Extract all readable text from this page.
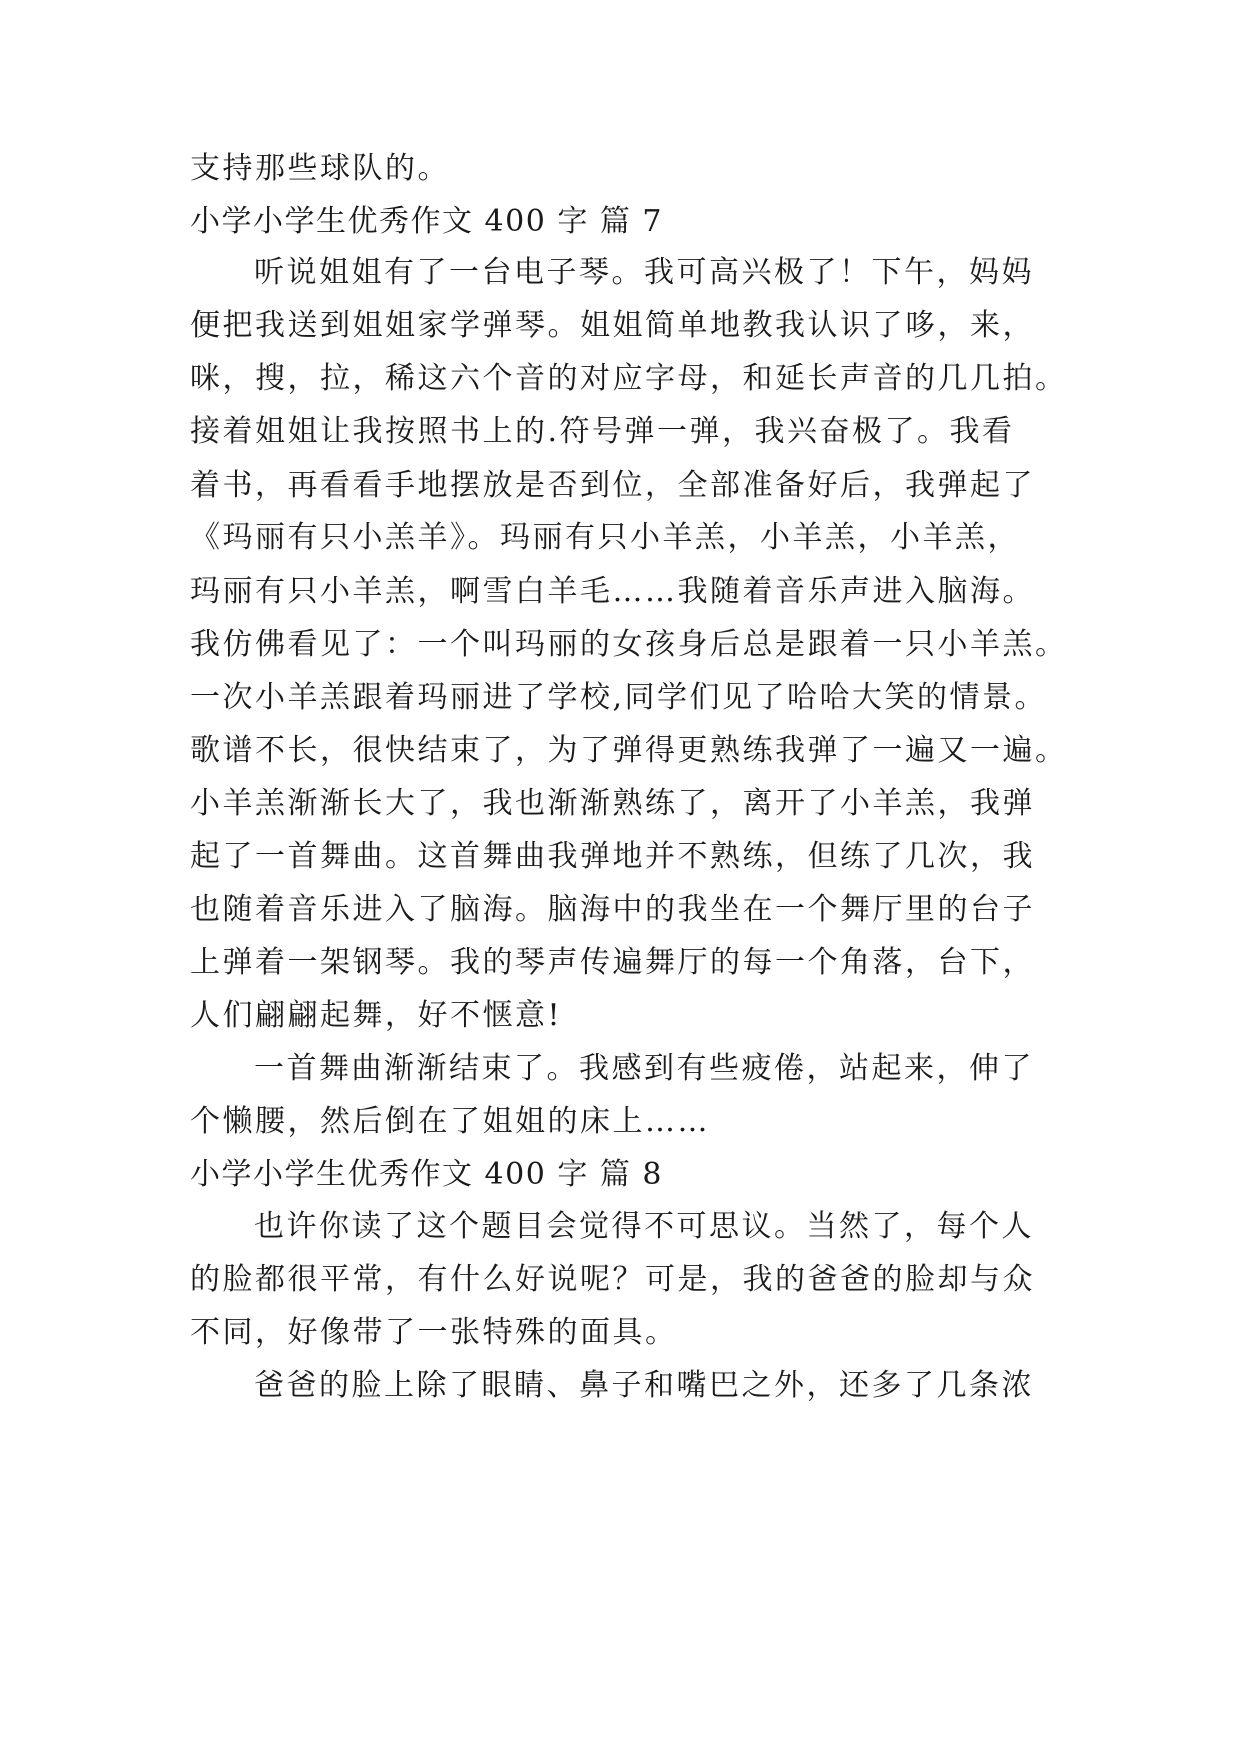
支持那些球队的。
小学小学生优秀作文 400 字 篇 7
听说姐姐有了一台电子琴。我可高兴极了！下午，妈妈
便把我送到姐姐家学弹琴。姐姐简单地教我认识了哆，来，
咪，搜，拉，稀这六个音的对应字母，和延长声音的几几拍。
接着姐姐让我按照书上的.符号弹一弹，我兴奋极了。我看
着书，再看看手地摆放是否到位，全部准备好后，我弹起了
《玛丽有只小羔羊》。玛丽有只小羊羔，小羊羔，小羊羔，
玛丽有只小羊羔，啊雪白羊毛……我随着音乐声进入脑海。
我仿佛看见了：一个叫玛丽的女孩身后总是跟着一只小羊羔。
一次小羊羔跟着玛丽进了学校,同学们见了哈哈大笑的情景。
歌谱不长，很快结束了，为了弹得更熟练我弹了一遍又一遍。
小羊羔渐渐长大了，我也渐渐熟练了，离开了小羊羔，我弹
起了一首舞曲。这首舞曲我弹地并不熟练，但练了几次，我
也随着音乐进入了脑海。脑海中的我坐在一个舞厅里的台子
上弹着一架钢琴。我的琴声传遍舞厅的每一个角落，台下，
人们翩翩起舞，好不惬意!
一首舞曲渐渐结束了。我感到有些疲倦，站起来，伸了
个懒腰，然后倒在了姐姐的床上……
小学小学生优秀作文 400 字 篇 8
也许你读了这个题目会觉得不可思议。当然了，每个人
的脸都很平常，有什么好说呢？可是，我的爸爸的脸却与众
不同，好像带了一张特殊的面具。
爸爸的脸上除了眼睛、鼻子和嘴巴之外，还多了几条浓
